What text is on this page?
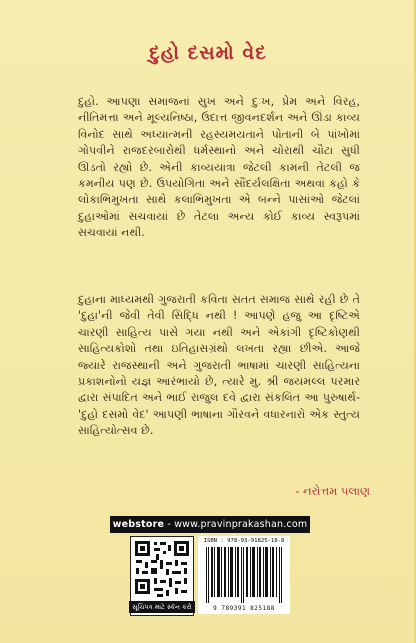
દુહો દસમો વેદ
દુહો. આપણા સમાજનાં સુખ અને દુઃખ, પ્રેમ અને વિરહ, નીતિમત્તા અને મૂલ્યનિષ્ઠા, ઉદાત્ત જીવનદર્શન અને ઊંડા કાવ્ય વિનોદ સાથે અધ્યાત્મની રહસ્યમયતાને પોતાની બે પાંખોમાં ગોપવીને રાજદરબારોથી ધર્મસ્થાનો અને ચોરાથી ચૌટા સુધી ઊડતો રહ્યો છે. એની કાવ્યયાત્રા જેટલી કામની તેટલી જ કમનીય પણ છે. ઉપયોગિતા અને સૌંદર્યલક્ષિતા અથવા કહો કે લોકાભિમુખતા સાથે કલાભિમુખતા એ બન્ને પાસાંઓ જેટલાં દુહાઓમાં સચવાયાં છે તેટલા અન્ય કોઈ કાવ્ય સ્વરૂપમાં સચવાયાં નથી.
દુહાના માધ્યમથી ગુજરાતી કવિતા સતત સમાજ સાથે રહી છે તે 'દુહા'ની જેવી તેવી સિદ્ધિ નથી ! આપણે હજુ આ દૃષ્ટિએ ચારણી સાહિત્ય પાસે ગયા નથી અને એકાંગી દૃષ્ટિકોણથી સાહિત્યકોશો તથા ઇતિહાસગ્રંથો લખતા રહ્યા છીએ. આજે જ્યારે રાજસ્થાની અને ગુજરાતી ભાષામાં ચારણી સાહિત્યના પ્રકાશનોનો યજ્ઞ આરંભાયો છે, ત્યારે મુ. શ્રી જયમલ્લ પરમાર દ્વારા સંપાદિત અને ભાઈ રાજુલ દવે દ્વારા સંકલિત આ પુરુષાર્થ- 'દુહો દસમો વેદ' આપણી ભાષાના ગૌરવને વધારનારો એક સ્તુત્ય સાહિત્યોત્સવ છે.
- નરોત્તમ પલાણ
webstore - www.pravinprakashan.com
સૂચિપત્ર માટે સ્કૅન કરો
ISBN : 978-93-91825-18-8
9 789391 825188
